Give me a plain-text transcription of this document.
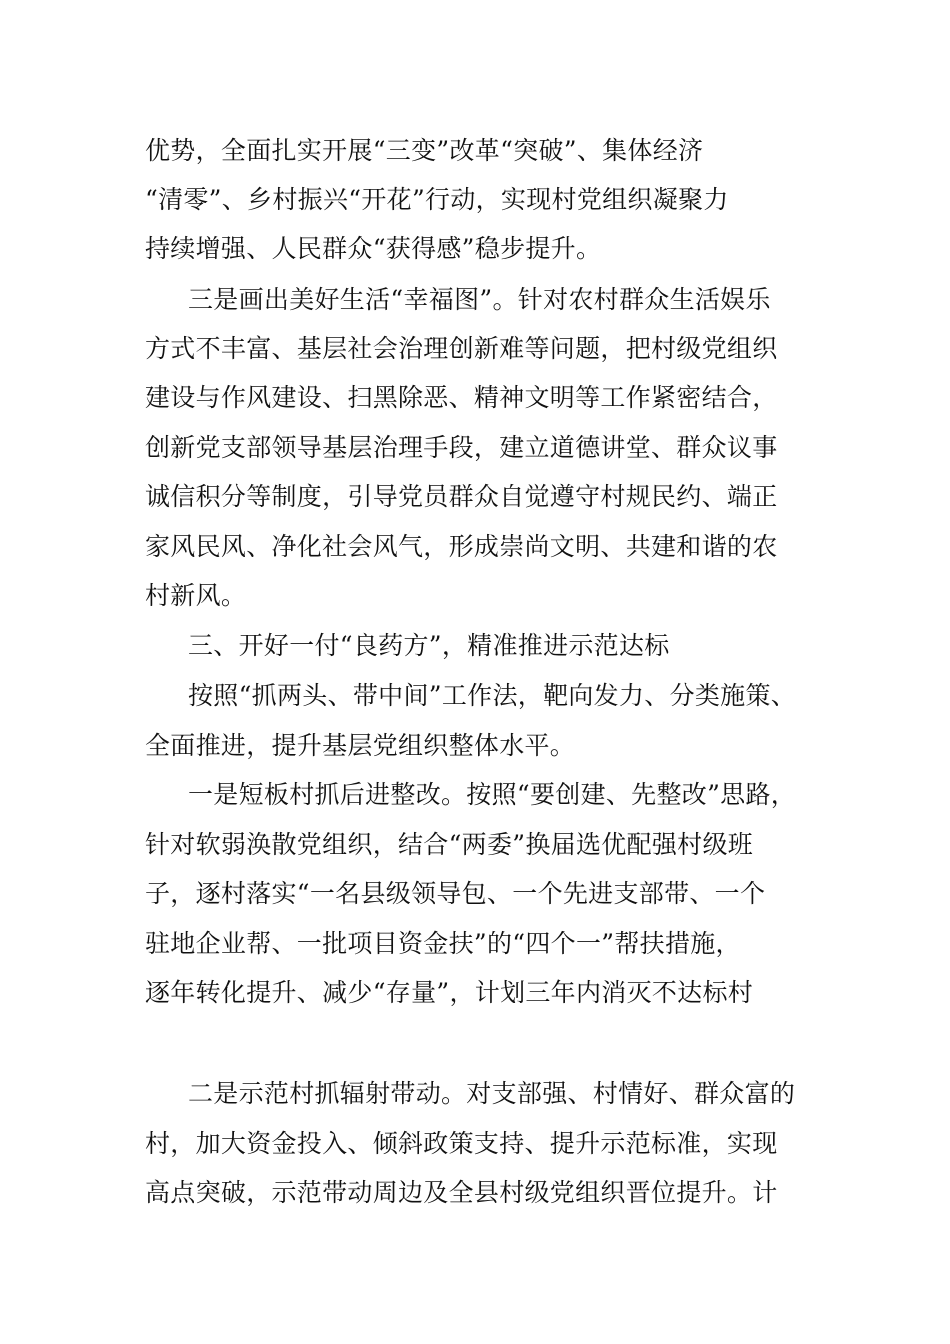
优势，全面扎实开展“三变”改革“突破”、集体经济
“清零”、乡村振兴“开花”行动，实现村党组织凝聚力
持续增强、人民群众“获得感”稳步提升。
三是画出美好生活“幸福图”。针对农村群众生活娱乐
方式不丰富、基层社会治理创新难等问题，把村级党组织
建设与作风建设、扫黑除恶、精神文明等工作紧密结合，
创新党支部领导基层治理手段，建立道德讲堂、群众议事
诚信积分等制度，引导党员群众自觉遵守村规民约、端正
家风民风、净化社会风气，形成崇尚文明、共建和谐的农
村新风。
三、开好一付“良药方”，精准推进示范达标
按照“抓两头、带中间”工作法，靶向发力、分类施策、
全面推进，提升基层党组织整体水平。
一是短板村抓后进整改。按照“要创建、先整改”思路，
针对软弱涣散党组织，结合“两委”换届选优配强村级班
子，逐村落实“一名县级领导包、一个先进支部带、一个
驻地企业帮、一批项目资金扶”的“四个一”帮扶措施，
逐年转化提升、减少“存量”，计划三年内消灭不达标村
二是示范村抓辐射带动。对支部强、村情好、群众富的
村，加大资金投入、倾斜政策支持、提升示范标准，实现
高点突破，示范带动周边及全县村级党组织晋位提升。计
